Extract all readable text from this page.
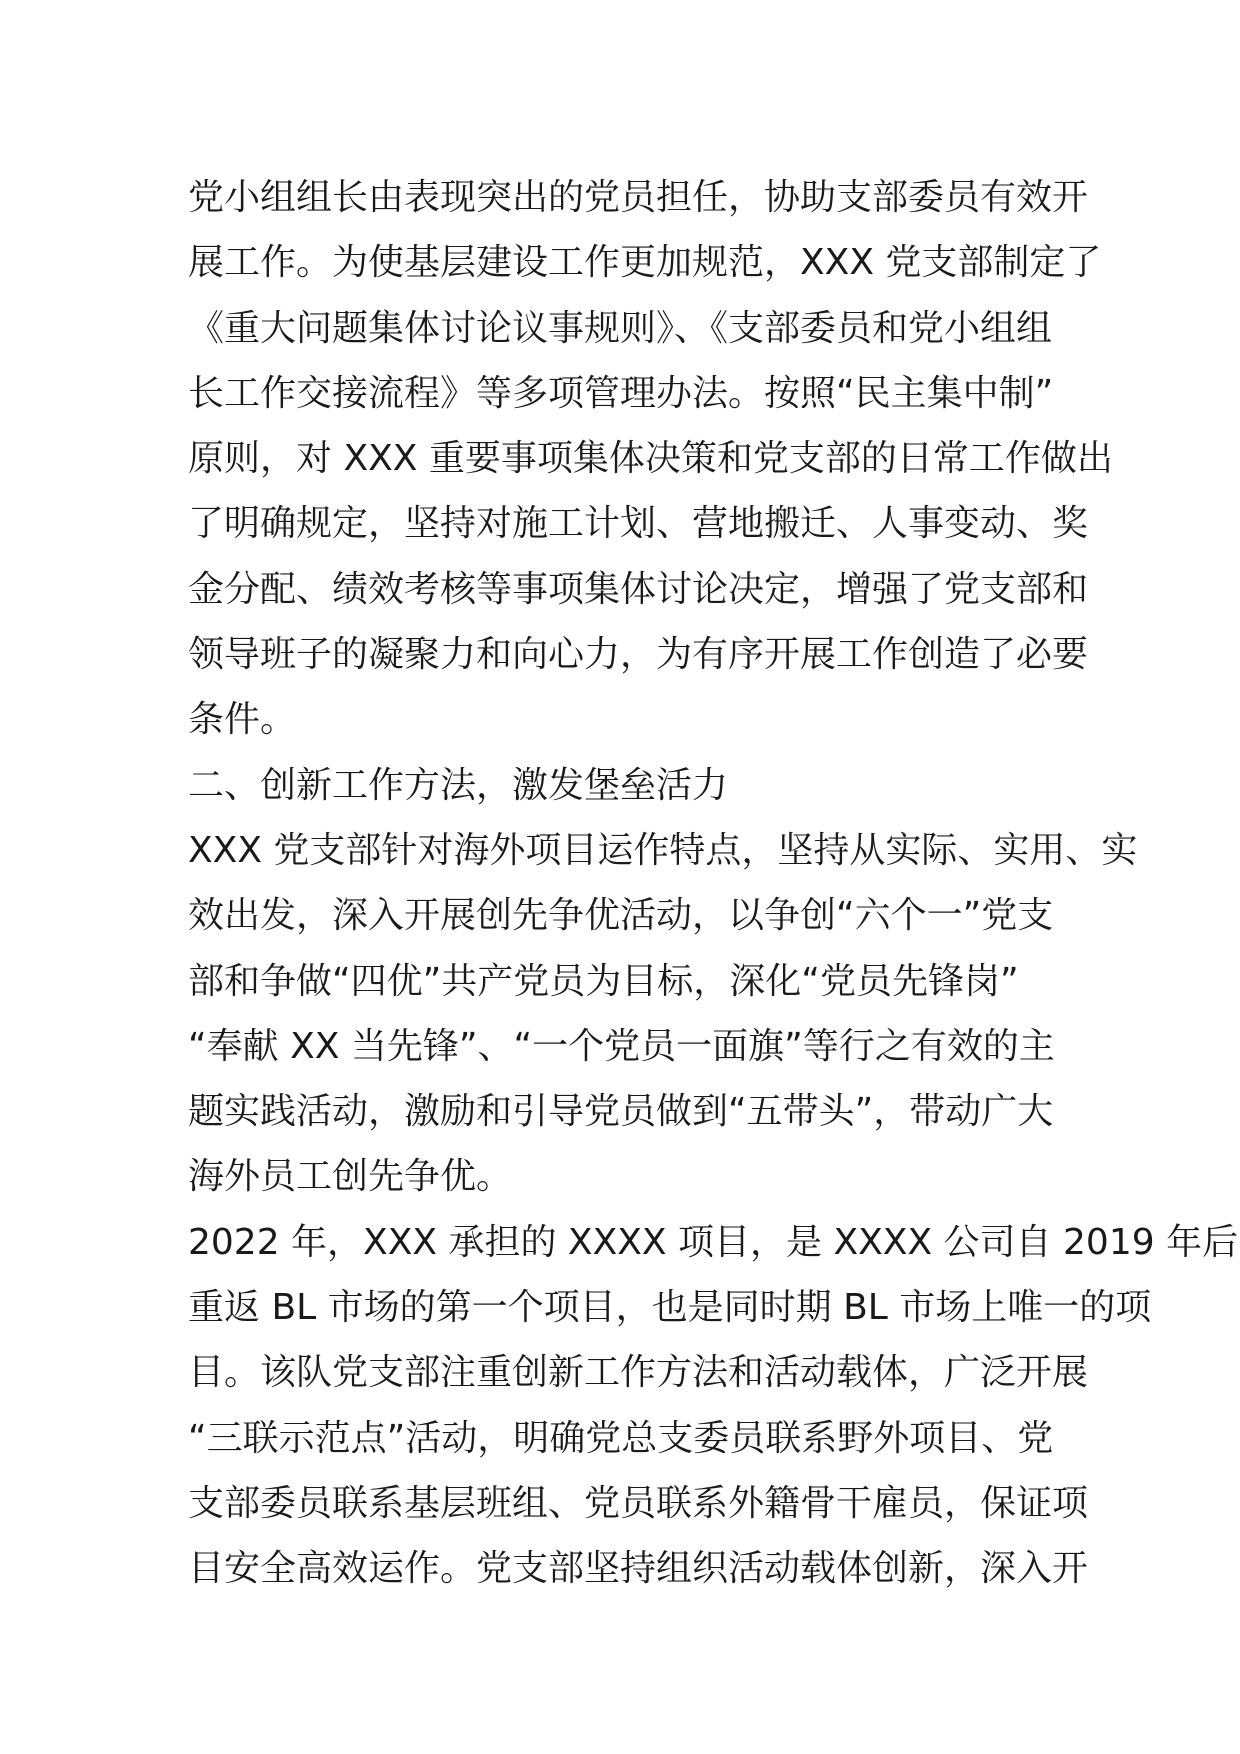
党小组组长由表现突出的党员担任，协助支部委员有效开
展工作。为使基层建设工作更加规范，XXX 党支部制定了
《重大问题集体讨论议事规则》、《支部委员和党小组组
长工作交接流程》等多项管理办法。按照“民主集中制”
原则，对 XXX 重要事项集体决策和党支部的日常工作做出
了明确规定，坚持对施工计划、营地搬迁、人事变动、奖
金分配、绩效考核等事项集体讨论决定，增强了党支部和
领导班子的凝聚力和向心力，为有序开展工作创造了必要
条件。
二、创新工作方法，激发堡垒活力
XXX 党支部针对海外项目运作特点，坚持从实际、实用、实
效出发，深入开展创先争优活动，以争创“六个一”党支
部和争做“四优”共产党员为目标，深化“党员先锋岗”
“奉献 XX 当先锋”、“一个党员一面旗”等行之有效的主
题实践活动，激励和引导党员做到“五带头”，带动广大
海外员工创先争优。
2022 年，XXX 承担的 XXXX 项目，是 XXXX 公司自 2019 年后
重返 BL 市场的第一个项目，也是同时期 BL 市场上唯一的项
目。该队党支部注重创新工作方法和活动载体，广泛开展
“三联示范点”活动，明确党总支委员联系野外项目、党
支部委员联系基层班组、党员联系外籍骨干雇员，保证项
目安全高效运作。党支部坚持组织活动载体创新，深入开
